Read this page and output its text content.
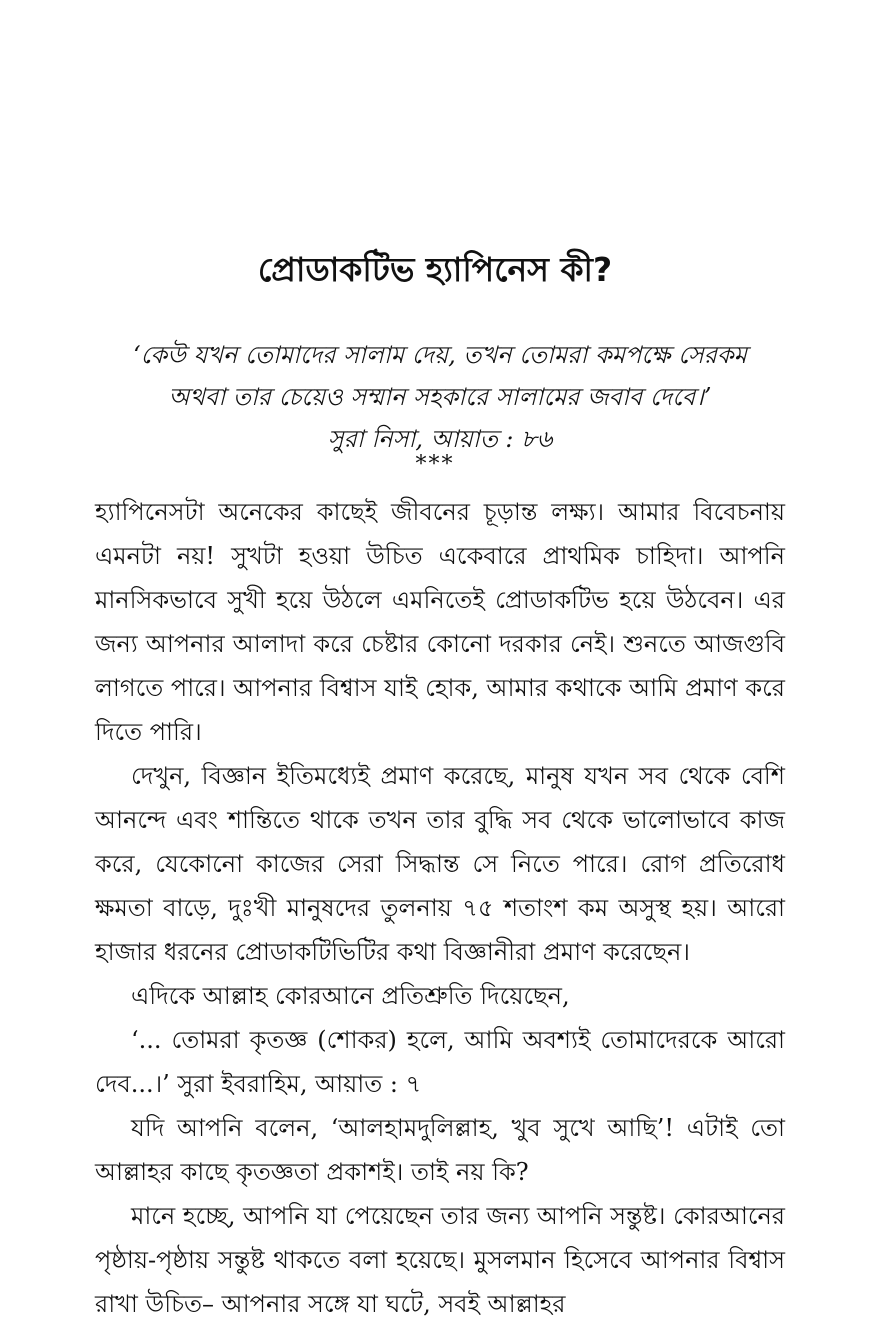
প্রোডাকটিভ হ্যাপিনেস কী?
‘কেউ যখন তোমাদের সালাম দেয়, তখন তোমরা কমপক্ষে সেরকম
অথবা তার চেয়েও সম্মান সহকারে সালামের জবাব দেবে।’
সুরা নিসা, আয়াত : ৮৬
***

হ্যাপিনেসটা অনেকের কাছেই জীবনের চূড়ান্ত লক্ষ্য। আমার বিবেচনায় এমনটা নয়! সুখটা হওয়া উচিত একেবারে প্রাথমিক চাহিদা। আপনি মানসিকভাবে সুখী হয়ে উঠলে এমনিতেই প্রোডাকটিভ হয়ে উঠবেন। এর জন্য আপনার আলাদা করে চেষ্টার কোনো দরকার নেই। শুনতে আজগুবি লাগতে পারে। আপনার বিশ্বাস যাই হোক, আমার কথাকে আমি প্রমাণ করে দিতে পারি।

দেখুন, বিজ্ঞান ইতিমধ্যেই প্রমাণ করেছে, মানুষ যখন সব থেকে বেশি আনন্দে এবং শান্তিতে থাকে তখন তার বুদ্ধি সব থেকে ভালোভাবে কাজ করে, যেকোনো কাজের সেরা সিদ্ধান্ত সে নিতে পারে। রোগ প্রতিরোধ ক্ষমতা বাড়ে, দুঃখী মানুষদের তুলনায় ৭৫ শতাংশ কম অসুস্থ হয়। আরো হাজার ধরনের প্রোডাকটিভিটির কথা বিজ্ঞানীরা প্রমাণ করেছেন।

এদিকে আল্লাহ কোরআনে প্রতিশ্রুতি দিয়েছেন,

‘... তোমরা কৃতজ্ঞ (শোকর) হলে, আমি অবশ্যই তোমাদেরকে আরো দেব...।’ সুরা ইবরাহিম, আয়াত : ৭

যদি আপনি বলেন, ‘আলহামদুলিল্লাহ, খুব সুখে আছি’! এটাই তো আল্লাহর কাছে কৃতজ্ঞতা প্রকাশই। তাই নয় কি?

মানে হচ্ছে, আপনি যা পেয়েছেন তার জন্য আপনি সন্তুষ্ট। কোরআনের পৃষ্ঠায়-পৃষ্ঠায় সন্তুষ্ট থাকতে বলা হয়েছে। মুসলমান হিসেবে আপনার বিশ্বাস রাখা উচিত– আপনার সঙ্গে যা ঘটে, সবই আল্লাহর
